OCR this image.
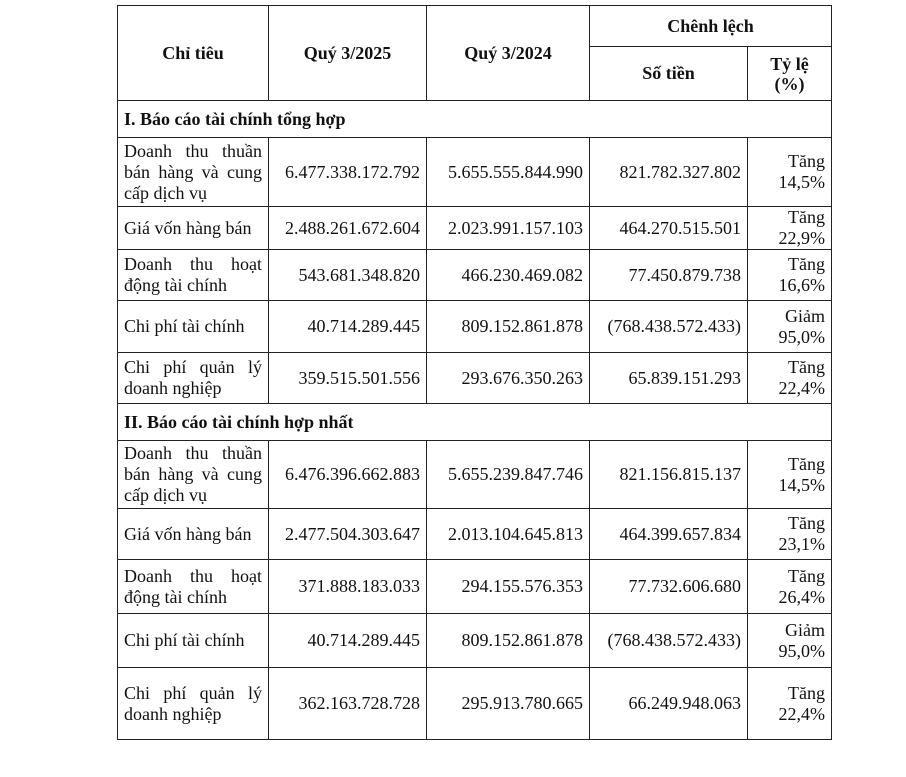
Chỉ tiêu	Quý 3/2025	Quý 3/2024	Chênh lệch	
			Số tiền	Tỷ lệ
(%)

I. Báo cáo tài chính tổng hợp				
Doanh thu thuần bán hàng và cung cấp dịch vụ	6.477.338.172.792	5.655.555.844.990	821.782.327.802	Tăng
14,5%

Giá vốn hàng bán	2.488.261.672.604	2.023.991.157.103	464.270.515.501	Tăng
22,9%

Doanh thu hoạt động tài chính	543.681.348.820	466.230.469.082	77.450.879.738	Tăng
16,6%

Chi phí tài chính	40.714.289.445	809.152.861.878	(768.438.572.433)	Giảm
95,0%

Chi phí quản lý doanh nghiệp	359.515.501.556	293.676.350.263	65.839.151.293	Tăng
22,4%

II. Báo cáo tài chính hợp nhất				
Doanh thu thuần bán hàng và cung cấp dịch vụ	6.476.396.662.883	5.655.239.847.746	821.156.815.137	Tăng
14,5%

Giá vốn hàng bán	2.477.504.303.647	2.013.104.645.813	464.399.657.834	Tăng
23,1%

Doanh thu hoạt động tài chính	371.888.183.033	294.155.576.353	77.732.606.680	Tăng
26,4%

Chi phí tài chính	40.714.289.445	809.152.861.878	(768.438.572.433)	Giảm
95,0%

Chi phí quản lý doanh nghiệp	362.163.728.728	295.913.780.665	66.249.948.063	Tăng
22,4%
